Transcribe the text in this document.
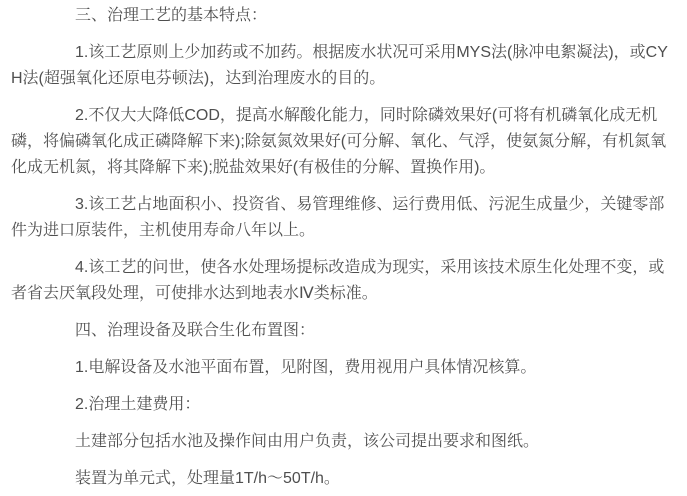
三、治理工艺的基本特点：

1.该工艺原则上少加药或不加药。根据废水状况可采用MYS法(脉冲电絮凝法)，或CYH法(超强氧化还原电芬顿法)，达到治理废水的目的。

2.不仅大大降低COD，提高水解酸化能力，同时除磷效果好(可将有机磷氧化成无机磷，将偏磷氧化成正磷降解下来);除氨氮效果好(可分解、氧化、气浮，使氨氮分解，有机氮氧化成无机氮，将其降解下来);脱盐效果好(有极佳的分解、置换作用)。

3.该工艺占地面积小、投资省、易管理维修、运行费用低、污泥生成量少，关键零部件为进口原装件，主机使用寿命八年以上。

4.该工艺的问世，使各水处理场提标改造成为现实，采用该技术原生化处理不变，或者省去厌氧段处理，可使排水达到地表水Ⅳ类标准。

四、治理设备及联合生化布置图：

1.电解设备及水池平面布置，见附图，费用视用户具体情况核算。

2.治理土建费用：

土建部分包括水池及操作间由用户负责，该公司提出要求和图纸。

装置为单元式，处理量1T/h～50T/h。
